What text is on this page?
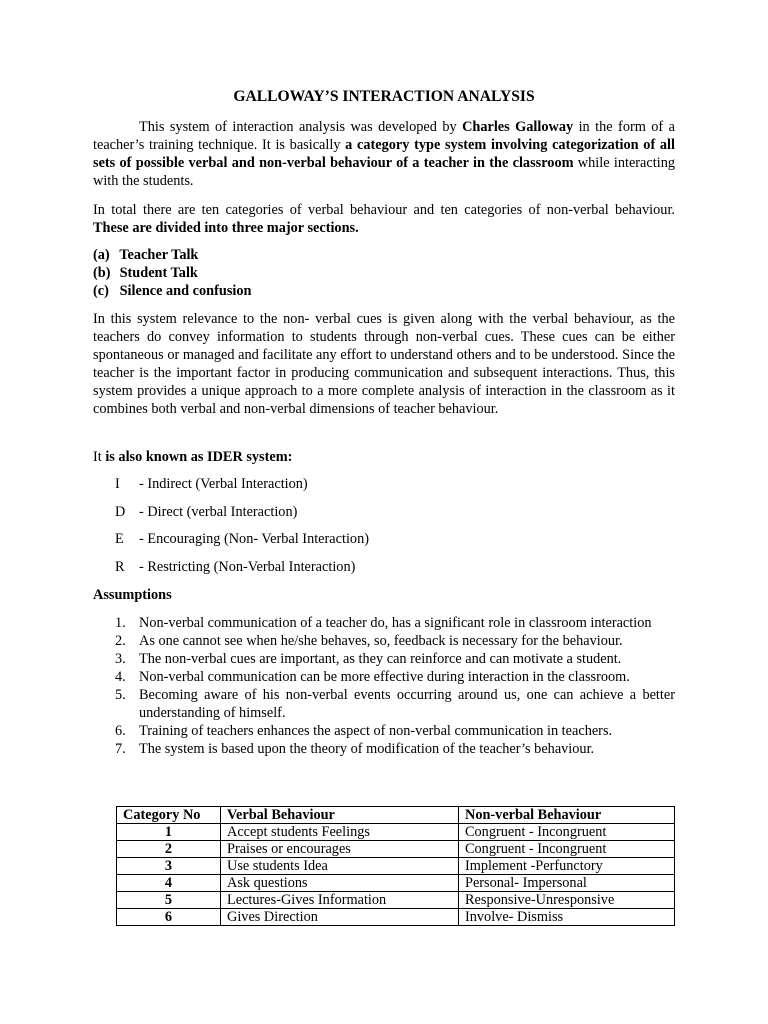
GALLOWAY’S INTERACTION ANALYSIS

This system of interaction analysis was developed by Charles Galloway in the form of a teacher’s training technique. It is basically a category type system involving categorization of all sets of possible verbal and non-verbal behaviour of a teacher in the classroom while interacting with the students.

In total there are ten categories of verbal behaviour and ten categories of non-verbal behaviour. These are divided into three major sections.

(a) Teacher Talk
(b) Student Talk
(c) Silence and confusion

In this system relevance to the non- verbal cues is given along with the verbal behaviour, as the teachers do convey information to students through non-verbal cues. These cues can be either spontaneous or managed and facilitate any effort to understand others and to be understood. Since the teacher is the important factor in producing communication and subsequent interactions. Thus, this system provides a unique approach to a more complete analysis of interaction in the classroom as it combines both verbal and non-verbal dimensions of teacher behaviour.

It is also known as IDER system:

I - Indirect (Verbal Interaction)
D - Direct (verbal Interaction)
E - Encouraging (Non- Verbal Interaction)
R - Restricting (Non-Verbal Interaction)
Assumptions
1. Non-verbal communication of a teacher do, has a significant role in classroom interaction
2. As one cannot see when he/she behaves, so, feedback is necessary for the behaviour.
3. The non-verbal cues are important, as they can reinforce and can motivate a student.
4. Non-verbal communication can be more effective during interaction in the classroom.
5. Becoming aware of his non-verbal events occurring around us, one can achieve a better understanding of himself.
6. Training of teachers enhances the aspect of non-verbal communication in teachers.
7. The system is based upon the theory of modification of the teacher’s behaviour.
Category No	Verbal Behaviour	Non-verbal Behaviour
1	Accept students Feelings	Congruent - Incongruent
2	Praises or encourages	Congruent - Incongruent
3	Use students Idea	Implement -Perfunctory
4	Ask questions	Personal- Impersonal
5	Lectures-Gives Information	Responsive-Unresponsive
6	Gives Direction	Involve- Dismiss
